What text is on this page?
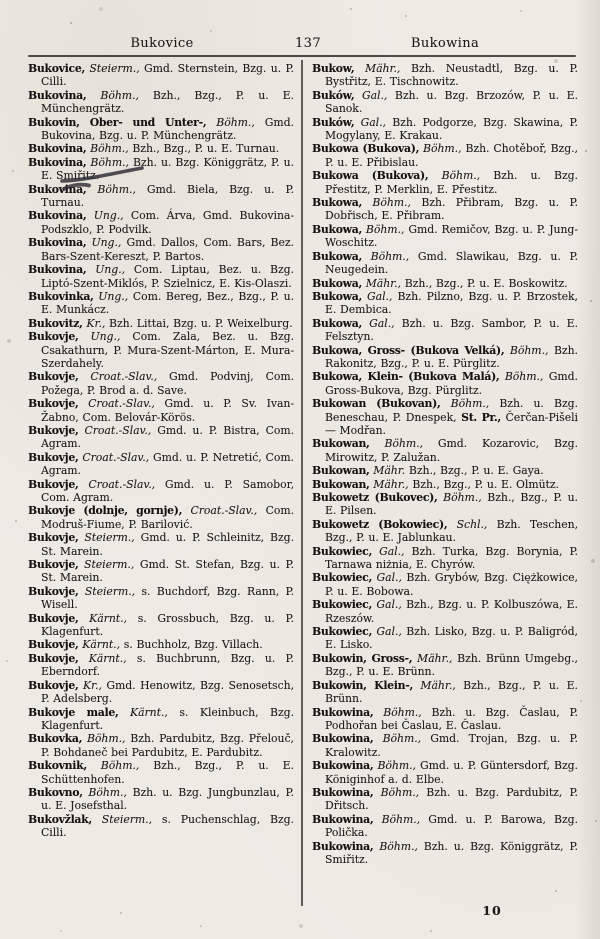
Bukovice	137	Bukowina

Bukovice, Steierm., Gmd. Sternstein, Bzg. u. P. Cilli.

Bukovina, Böhm., Bzh., Bzg., P. u. E. Münchengrätz.

Bukovin, Ober- und Unter-, Böhm., Gmd. Bukovina, Bzg. u. P. Münchengrätz.

Bukovina, Böhm., Bzh., Bzg., P. u. E. Turnau.

Bukovina, Böhm., Bzh. u. Bzg. Königgrätz, P. u. E. Smiřitz.

Bukovina, Böhm., Gmd. Biela, Bzg. u. P. Turnau.

Bukovina, Ung., Com. Árva, Gmd. Bukovina-Podszklo, P. Podvilk.

Bukovina, Ung., Gmd. Dallos, Com. Bars, Bez. Bars-Szent-Kereszt, P. Bartos.

Bukovina, Ung., Com. Liptau, Bez. u. Bzg. Liptó-Szent-Miklós, P. Szielnicz, E. Kis-Olaszi.

Bukovinka, Ung., Com. Bereg, Bez., Bzg., P. u. E. Munkácz.

Bukovitz, Kr., Bzh. Littai, Bzg. u. P. Weixelburg.

Bukovje, Ung., Com. Zala, Bez. u. Bzg. Csakathurn, P. Mura-Szent-Márton, E. Mura-Szerdahely.

Bukovje, Croat.-Slav., Gmd. Podvinj, Com. Požega, P. Brod a. d. Save.

Bukovje, Croat.-Slav., Gmd. u. P. Sv. Ivan-Žabno, Com. Belovár-Körös.

Bukovje, Croat.-Slav., Gmd. u. P. Bistra, Com. Agram.

Bukovje, Croat.-Slav., Gmd. u. P. Netretić, Com. Agram.

Bukovje, Croat.-Slav., Gmd. u. P. Samobor, Com. Agram.

Bukovje (dolnje, gornje), Croat.-Slav., Com. Modruš-Fiume, P. Barilović.

Bukovje, Steierm., Gmd. u. P. Schleinitz, Bzg. St. Marein.

Bukovje, Steierm., Gmd. St. Stefan, Bzg. u. P. St. Marein.

Bukovje, Steierm., s. Buchdorf, Bzg. Rann, P. Wisell.

Bukovje, Kärnt., s. Grossbuch, Bzg. u. P. Klagenfurt.

Bukovje, Kärnt., s. Buchholz, Bzg. Villach.

Bukovje, Kärnt., s. Buchbrunn, Bzg. u. P. Eberndorf.

Bukovje, Kr., Gmd. Henowitz, Bzg. Senosetsch, P. Adelsberg.

Bukovje male, Kärnt., s. Kleinbuch, Bzg. Klagenfurt.

Bukovka, Böhm., Bzh. Pardubitz, Bzg. Přelouč, P. Bohdaneč bei Pardubitz, E. Pardubitz.

Bukovnik, Böhm., Bzh., Bzg., P. u. E. Schüttenhofen.

Bukovno, Böhm., Bzh. u. Bzg. Jungbunzlau, P. u. E. Josefsthal.

Bukovžlak, Steierm., s. Puchenschlag, Bzg. Cilli.

Bukow, Mähr., Bzh. Neustadtl, Bzg. u. P. Bystřitz, E. Tischnowitz.

Buków, Gal., Bzh. u. Bzg. Brzozów, P. u. E. Sanok.

Buków, Gal., Bzh. Podgorze, Bzg. Skawina, P. Mogylany, E. Krakau.

Bukowa (Bukova), Böhm., Bzh. Chotěboř, Bzg., P. u. E. Přibislau.

Bukowa (Bukova), Böhm., Bzh. u. Bzg. Přestitz, P. Merklin, E. Přestitz.

Bukowa, Böhm., Bzh. Přibram, Bzg. u. P. Dobřisch, E. Přibram.

Bukowa, Böhm., Gmd. Remičov, Bzg. u. P. Jung-Woschitz.

Bukowa, Böhm., Gmd. Slawikau, Bzg. u. P. Neugedein.

Bukowa, Mähr., Bzh., Bzg., P. u. E. Boskowitz.

Bukowa, Gal., Bzh. Pilzno, Bzg. u. P. Brzostek, E. Dembica.

Bukowa, Gal., Bzh. u. Bzg. Sambor, P. u. E. Felsztyn.

Bukowa, Gross- (Bukova Velká), Böhm., Bzh. Rakonitz, Bzg., P. u. E. Pürglitz.

Bukowa, Klein- (Bukova Malá), Böhm., Gmd. Gross-Bukova, Bzg. Pürglitz.

Bukowan (Bukovan), Böhm., Bzh. u. Bzg. Beneschau, P. Dnespek, St. Pr., Čerčan-Pišeli — Modřan.

Bukowan, Böhm., Gmd. Kozarovic, Bzg. Mirowitz, P. Zalužan.

Bukowan, Mähr. Bzh., Bzg., P. u. E. Gaya.

Bukowan, Mähr., Bzh., Bzg., P. u. E. Olmütz.

Bukowetz (Bukovec), Böhm., Bzh., Bzg., P. u. E. Pilsen.

Bukowetz (Bokowiec), Schl., Bzh. Teschen, Bzg., P. u. E. Jablunkau.

Bukowiec, Gal., Bzh. Turka, Bzg. Borynia, P. Tarnawa niżnia, E. Chyrów.

Bukowiec, Gal., Bzh. Grybów, Bzg. Ciężkowice, P. u. E. Bobowa.

Bukowiec, Gal., Bzh., Bzg. u. P. Kolbuszówa, E. Rzeszów.

Bukowiec, Gal., Bzh. Lisko, Bzg. u. P. Baligród, E. Lisko.

Bukowin, Gross-, Mähr., Bzh. Brünn Umgebg., Bzg., P. u. E. Brünn.

Bukowin, Klein-, Mähr., Bzh., Bzg., P. u. E. Brünn.

Bukowina, Böhm., Bzh. u. Bzg. Časlau, P. Podhořan bei Časlau, E. Časlau.

Bukowina, Böhm., Gmd. Trojan, Bzg. u. P. Kralowitz.

Bukowina, Böhm., Gmd. u. P. Güntersdorf, Bzg. Königinhof a. d. Elbe.

Bukowina, Böhm., Bzh. u. Bzg. Pardubitz, P. Dřitsch.

Bukowina, Böhm., Gmd. u. P. Barowa, Bzg. Polička.

Bukowina, Böhm., Bzh. u. Bzg. Königgrätz, P. Smiřitz.

10
